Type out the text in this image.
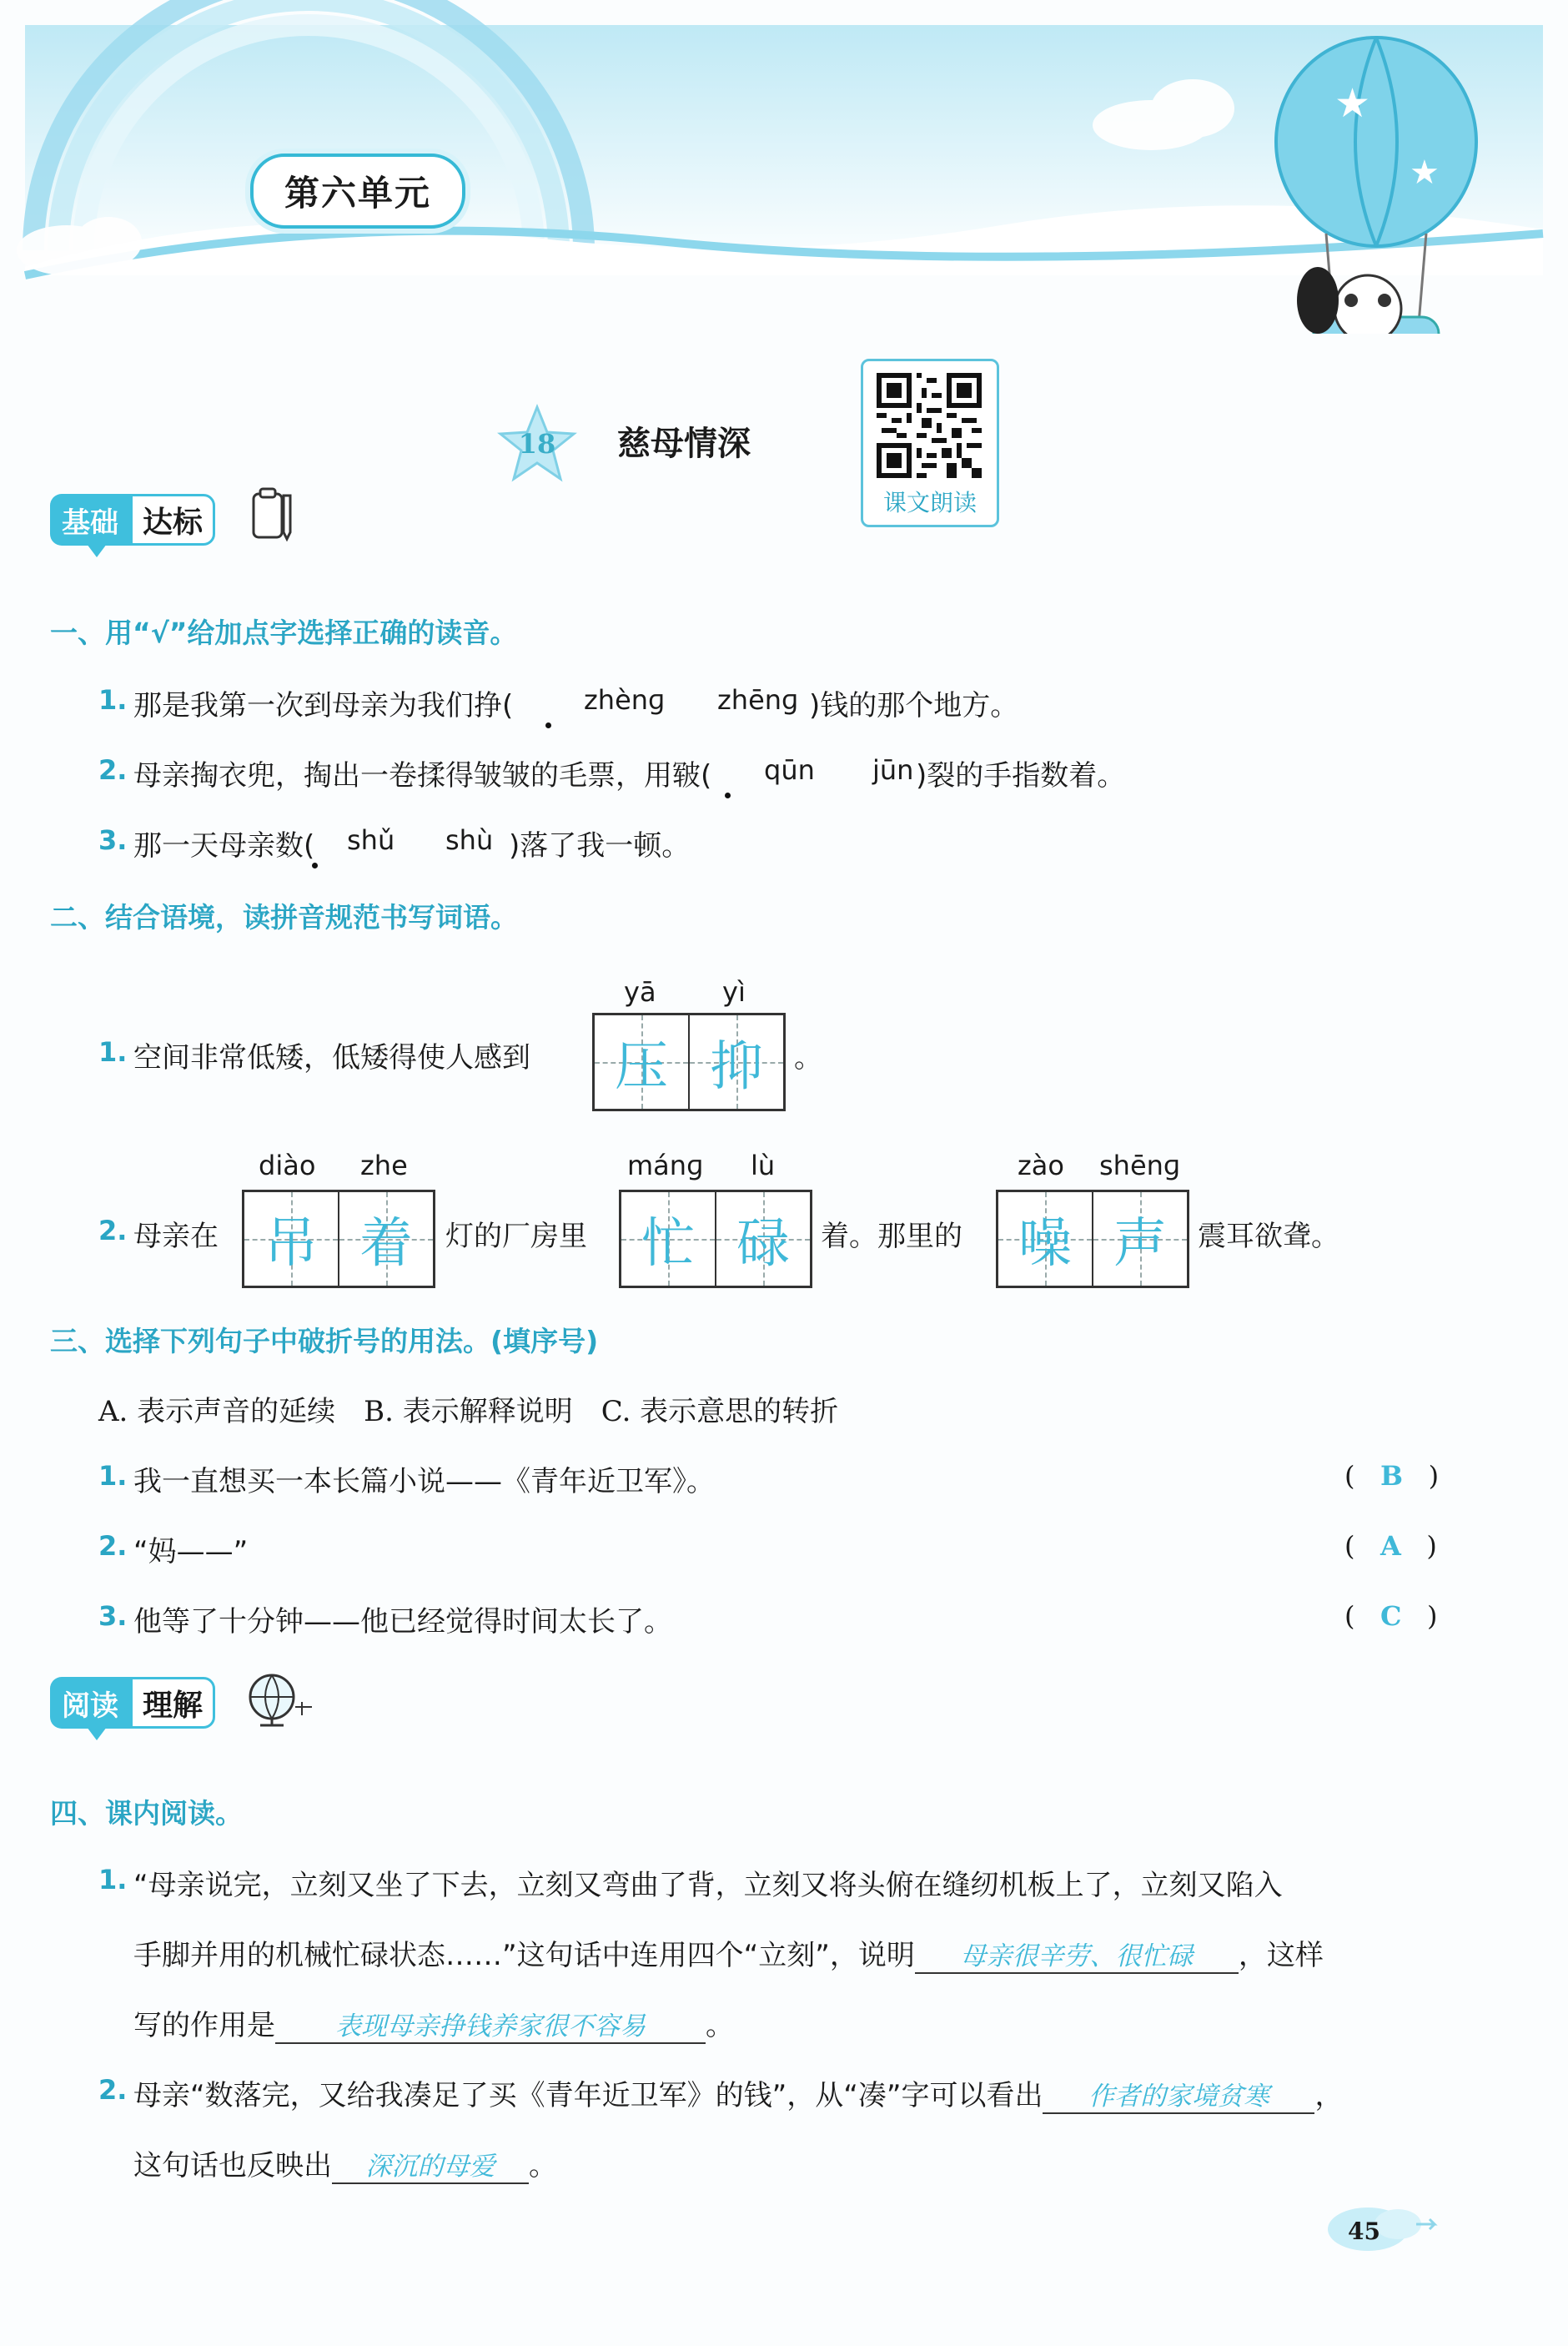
★
★
第六单元
18	慈母情深
课文朗读
基础 达标
一、用“√”给加点字选择正确的读音。
1. 那是我第一次到母亲为我们挣(	zhènɡ zhēnɡ )钱的那个地方。
2. 母亲掏衣兜，掏出一卷揉得皱皱的毛票，用皲( qūn jūn )裂的手指数着。
3. 那一天母亲数( shǔ shù )落了我一顿。
二、结合语境，读拼音规范书写词语。
yā yì
1. 空间非常低矮，低矮得使人感到	压 抑	。
diào zhe	mánɡ lù	zào shēnɡ
2. 母亲在 吊 着	灯的厂房里	忙 碌	着。那里的	噪 声	震耳欲聋。
三、选择下列句子中破折号的用法。(填序号)
A. 表示声音的延续　B. 表示解释说明　C. 表示意思的转折
1. 我一直想买一本长篇小说——《青年近卫军》。	(   B   )
2. “妈——”	(   A   )
3. 他等了十分钟——他已经觉得时间太长了。	(   C   )
阅读 理解
四、课内阅读。
1. “母亲说完，立刻又坐了下去，立刻又弯曲了背，立刻又将头俯在缝纫机板上了，立刻又陷入
手脚并用的机械忙碌状态……”这句话中连用四个“立刻”，说明 母亲很辛劳、很忙碌 ，这样
写的作用是 表现母亲挣钱养家很不容易 。
2. 母亲“数落完，又给我凑足了买《青年近卫军》的钱”，从“凑”字可以看出 作者的家境贫寒 ，
这句话也反映出 深沉的母爱 。
45
